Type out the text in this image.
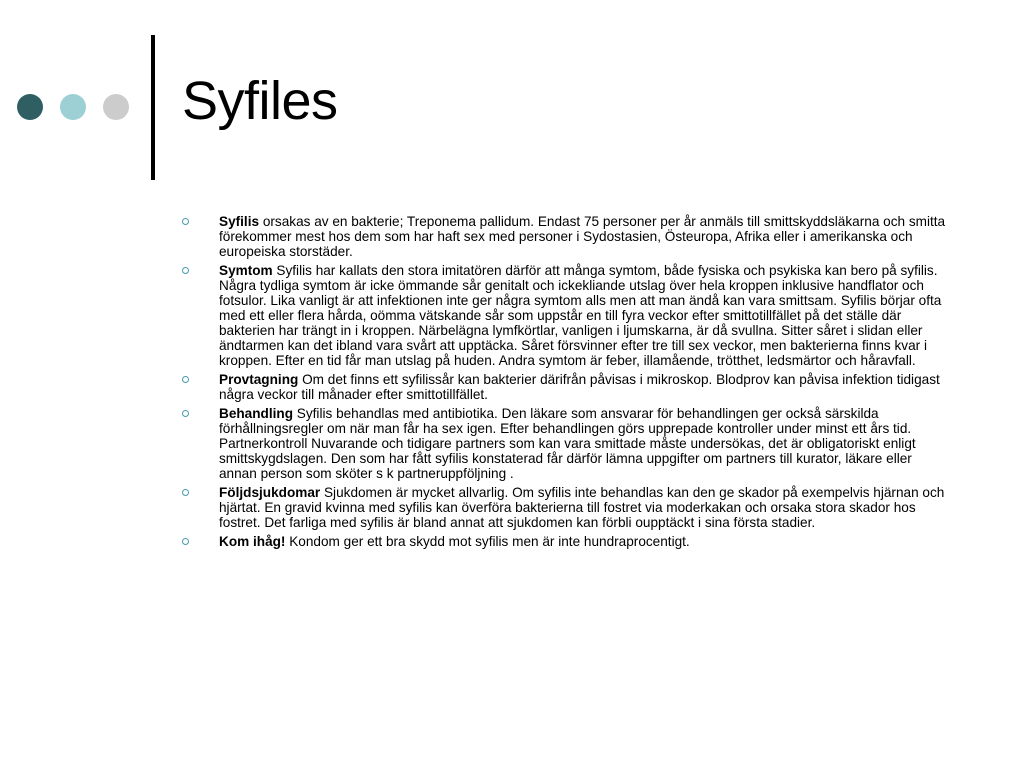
Syfiles
Syfilis orsakas av en bakterie; Treponema pallidum. Endast 75 personer per år anmäls till smittskyddsläkarna och smitta förekommer mest hos dem som har haft sex med personer i Sydostasien, Östeuropa, Afrika eller i amerikanska och europeiska storstäder.
Symtom Syfilis har kallats den stora imitatören därför att många symtom, både fysiska och psykiska kan bero på syfilis. Några tydliga symtom är icke ömmande sår genitalt och ickekliande utslag över hela kroppen inklusive handflator och fotsulor. Lika vanligt är att infektionen inte ger några symtom alls men att man ändå kan vara smittsam. Syfilis börjar ofta med ett eller flera hårda, oömma vätskande sår som uppstår en till fyra veckor efter smittotillfället på det ställe där bakterien har trängt in i kroppen. Närbelägna lymfkörtlar, vanligen i ljumskarna, är då svullna. Sitter såret i slidan eller ändtarmen kan det ibland vara svårt att upptäcka. Såret försvinner efter tre till sex veckor, men bakterierna finns kvar i kroppen. Efter en tid får man utslag på huden. Andra symtom är feber, illamående, trötthet, ledsmärtor och håravfall.
Provtagning Om det finns ett syfilissår kan bakterier därifrån påvisas i mikroskop. Blodprov kan påvisa infektion tidigast några veckor till månader efter smittotillfället.
Behandling Syfilis behandlas med antibiotika. Den läkare som ansvarar för behandlingen ger också särskilda förhållningsregler om när man får ha sex igen. Efter behandlingen görs upprepade kontroller under minst ett års tid. Partnerkontroll Nuvarande och tidigare partners som kan vara smittade måste undersökas, det är obligatoriskt enligt smittskygdslagen. Den som har fått syfilis konstaterad får därför lämna uppgifter om partners till kurator, läkare eller annan person som sköter s k partneruppföljning .
Följdsjukdomar Sjukdomen är mycket allvarlig. Om syfilis inte behandlas kan den ge skador på exempelvis hjärnan och hjärtat. En gravid kvinna med syfilis kan överföra bakterierna till fostret via moderkakan och orsaka stora skador hos fostret. Det farliga med syfilis är bland annat att sjukdomen kan förbli oupptäckt i sina första stadier.
Kom ihåg! Kondom ger ett bra skydd mot syfilis men är inte hundraprocentigt.
